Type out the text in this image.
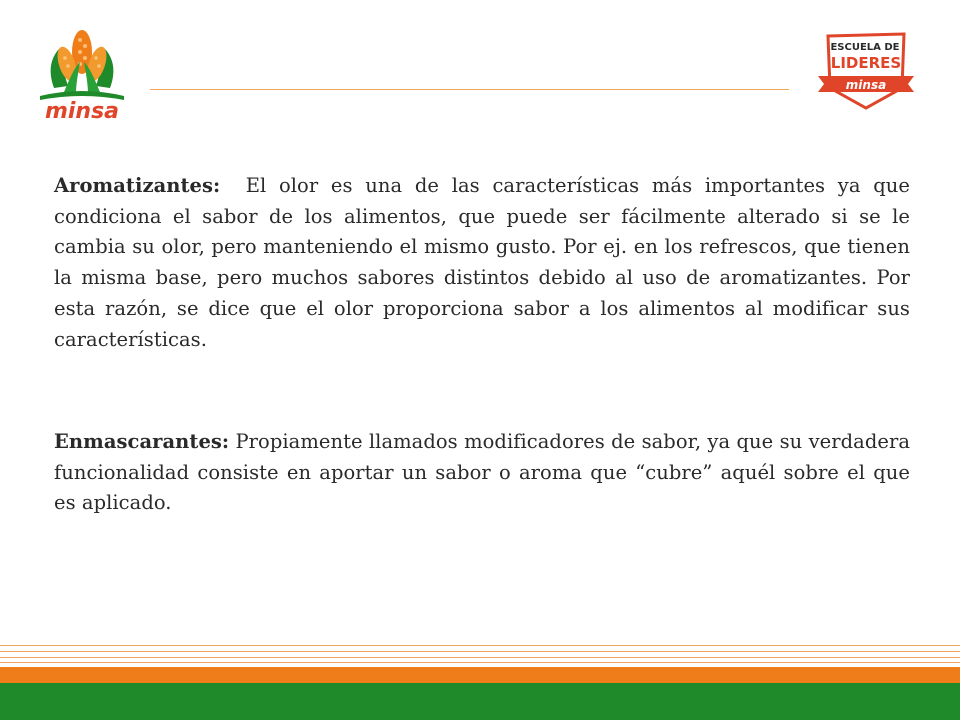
minsa
ESCUELA DE
LIDERES
minsa

Aromatizantes: El olor es una de las características más importantes ya que condiciona el sabor de los alimentos, que puede ser fácilmente alterado si se le cambia su olor, pero manteniendo el mismo gusto. Por ej. en los refrescos, que tienen la misma base, pero muchos sabores distintos debido al uso de aromatizantes. Por esta razón, se dice que el olor proporciona sabor a los alimentos al modificar sus características.

Enmascarantes: Propiamente llamados modificadores de sabor, ya que su verdadera funcionalidad consiste en aportar un sabor o aroma que “cubre” aquél sobre el que es aplicado.
